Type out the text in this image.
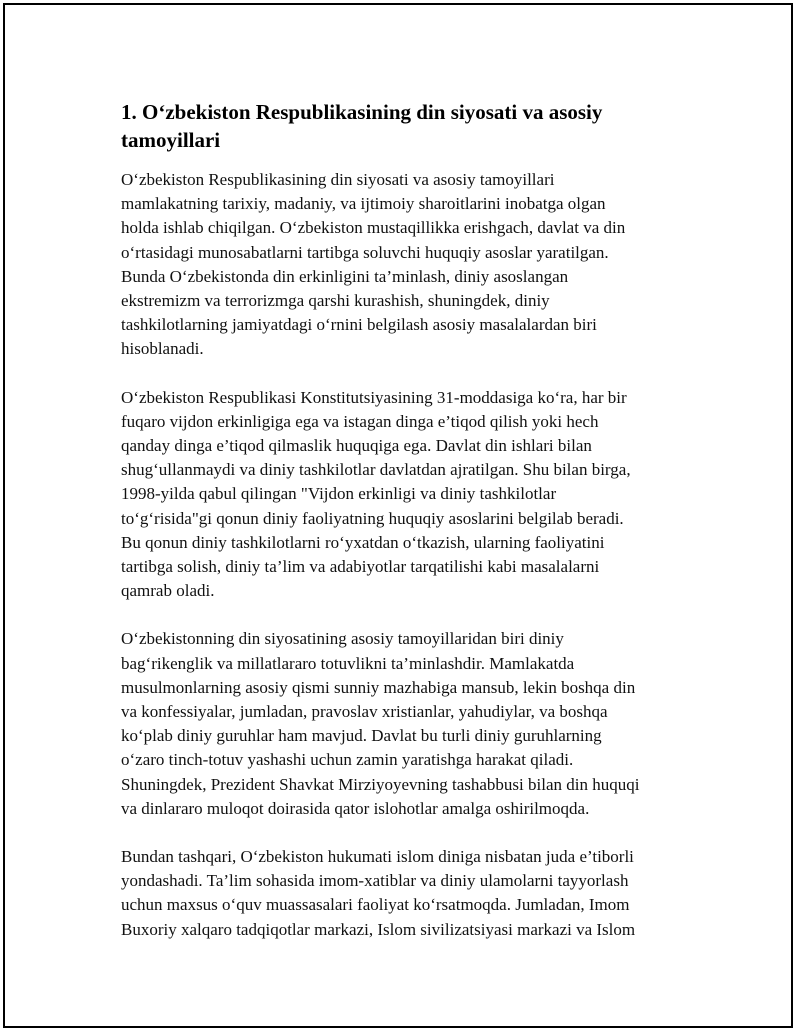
1. O‘zbekiston Respublikasining din siyosati va asosiy
tamoyillari

O‘zbekiston Respublikasining din siyosati va asosiy tamoyillari
mamlakatning tarixiy, madaniy, va ijtimoiy sharoitlarini inobatga olgan
holda ishlab chiqilgan. O‘zbekiston mustaqillikka erishgach, davlat va din
o‘rtasidagi munosabatlarni tartibga soluvchi huquqiy asoslar yaratilgan.
Bunda O‘zbekistonda din erkinligini ta’minlash, diniy asoslangan
ekstremizm va terrorizmga qarshi kurashish, shuningdek, diniy
tashkilotlarning jamiyatdagi o‘rnini belgilash asosiy masalalardan biri
hisoblanadi.

O‘zbekiston Respublikasi Konstitutsiyasining 31-moddasiga ko‘ra, har bir
fuqaro vijdon erkinligiga ega va istagan dinga e’tiqod qilish yoki hech
qanday dinga e’tiqod qilmaslik huquqiga ega. Davlat din ishlari bilan
shug‘ullanmaydi va diniy tashkilotlar davlatdan ajratilgan. Shu bilan birga,
1998-yilda qabul qilingan "Vijdon erkinligi va diniy tashkilotlar
to‘g‘risida"gi qonun diniy faoliyatning huquqiy asoslarini belgilab beradi.
Bu qonun diniy tashkilotlarni ro‘yxatdan o‘tkazish, ularning faoliyatini
tartibga solish, diniy ta’lim va adabiyotlar tarqatilishi kabi masalalarni
qamrab oladi.

O‘zbekistonning din siyosatining asosiy tamoyillaridan biri diniy
bag‘rikenglik va millatlararo totuvlikni ta’minlashdir. Mamlakatda
musulmonlarning asosiy qismi sunniy mazhabiga mansub, lekin boshqa din
va konfessiyalar, jumladan, pravoslav xristianlar, yahudiylar, va boshqa
ko‘plab diniy guruhlar ham mavjud. Davlat bu turli diniy guruhlarning
o‘zaro tinch-totuv yashashi uchun zamin yaratishga harakat qiladi.
Shuningdek, Prezident Shavkat Mirziyoyevning tashabbusi bilan din huquqi
va dinlararo muloqot doirasida qator islohotlar amalga oshirilmoqda.

Bundan tashqari, O‘zbekiston hukumati islom diniga nisbatan juda e’tiborli
yondashadi. Ta’lim sohasida imom-xatiblar va diniy ulamolarni tayyorlash
uchun maxsus o‘quv muassasalari faoliyat ko‘rsatmoqda. Jumladan, Imom
Buxoriy xalqaro tadqiqotlar markazi, Islom sivilizatsiyasi markazi va Islom
